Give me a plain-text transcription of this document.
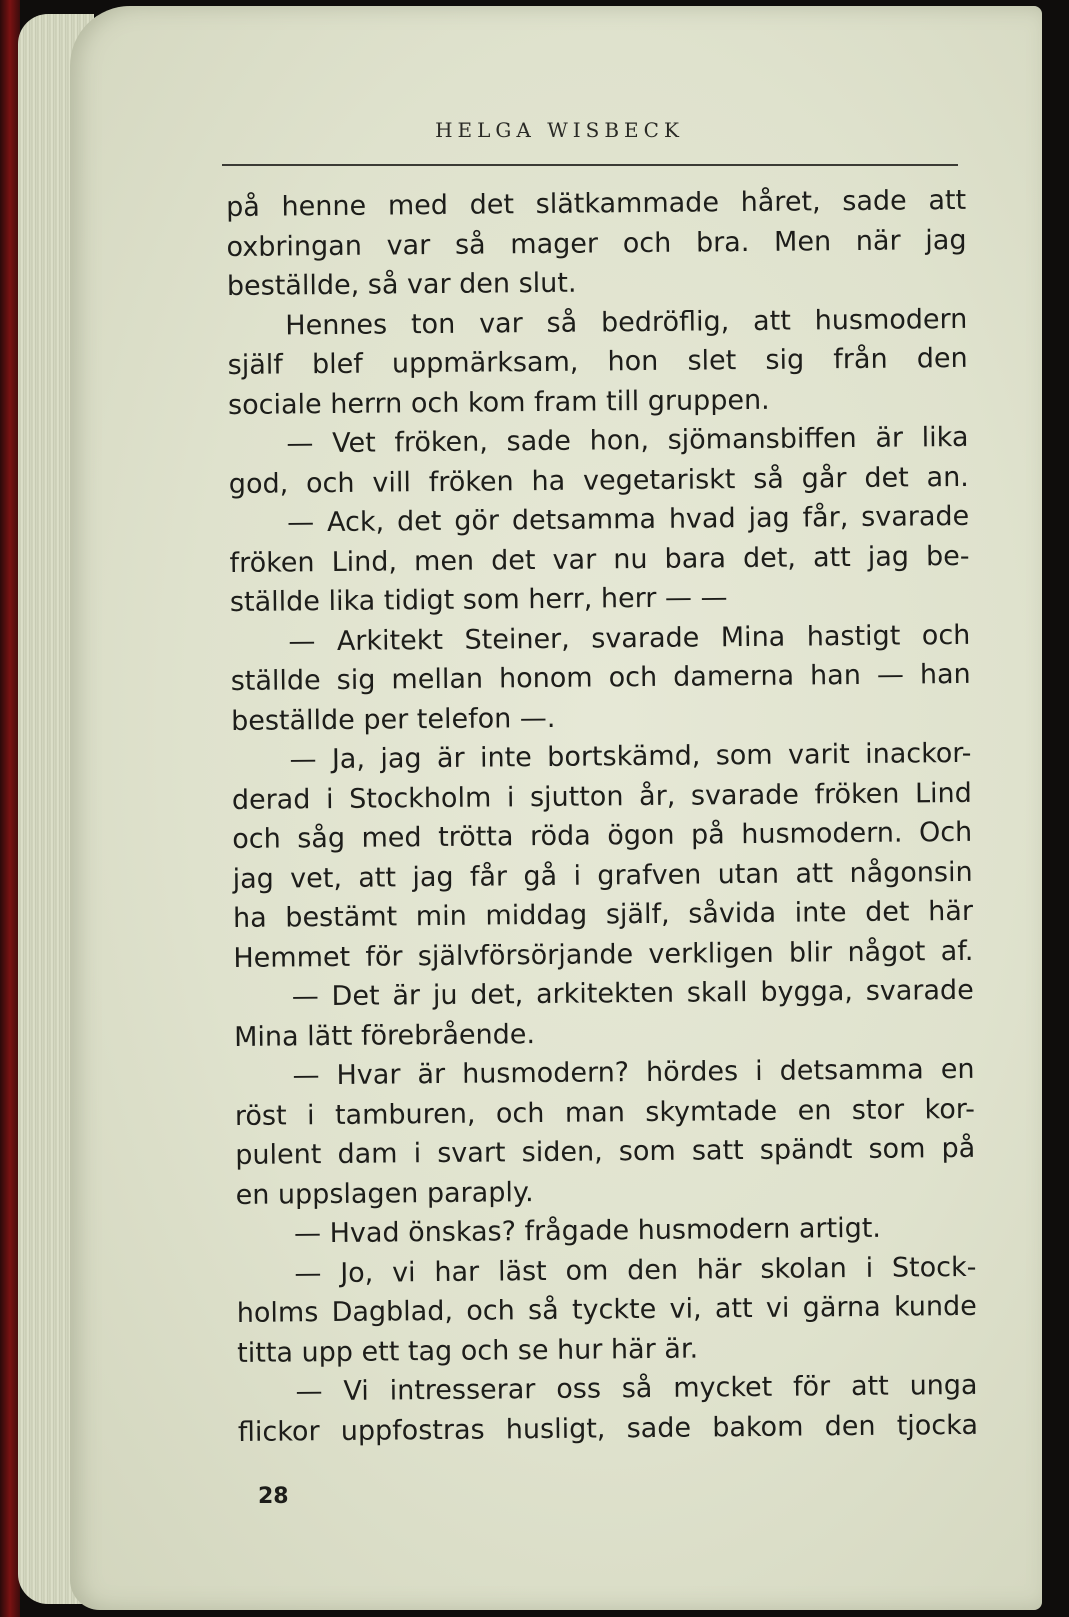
HELGA WISBECK
på henne med det slätkammade håret, sade att
oxbringan var så mager och bra. Men när jag
beställde, så var den slut.
Hennes ton var så bedröflig, att husmodern
själf blef uppmärksam, hon slet sig från den
sociale herrn och kom fram till gruppen.
— Vet fröken, sade hon, sjömansbiffen är lika
god, och vill fröken ha vegetariskt så går det an.
— Ack, det gör detsamma hvad jag får, svarade
fröken Lind, men det var nu bara det, att jag be-
ställde lika tidigt som herr, herr — —
— Arkitekt Steiner, svarade Mina hastigt och
ställde sig mellan honom och damerna han — han
beställde per telefon —.
— Ja, jag är inte bortskämd, som varit inackor-
derad i Stockholm i sjutton år, svarade fröken Lind
och såg med trötta röda ögon på husmodern. Och
jag vet, att jag får gå i grafven utan att någonsin
ha bestämt min middag själf, såvida inte det här
Hemmet för självförsörjande verkligen blir något af.
— Det är ju det, arkitekten skall bygga, svarade
Mina lätt förebrående.
— Hvar är husmodern? hördes i detsamma en
röst i tamburen, och man skymtade en stor kor-
pulent dam i svart siden, som satt spändt som på
en uppslagen paraply.
— Hvad önskas? frågade husmodern artigt.
— Jo, vi har läst om den här skolan i Stock-
holms Dagblad, och så tyckte vi, att vi gärna kunde
titta upp ett tag och se hur här är.
— Vi intresserar oss så mycket för att unga
flickor uppfostras husligt, sade bakom den tjocka
28
